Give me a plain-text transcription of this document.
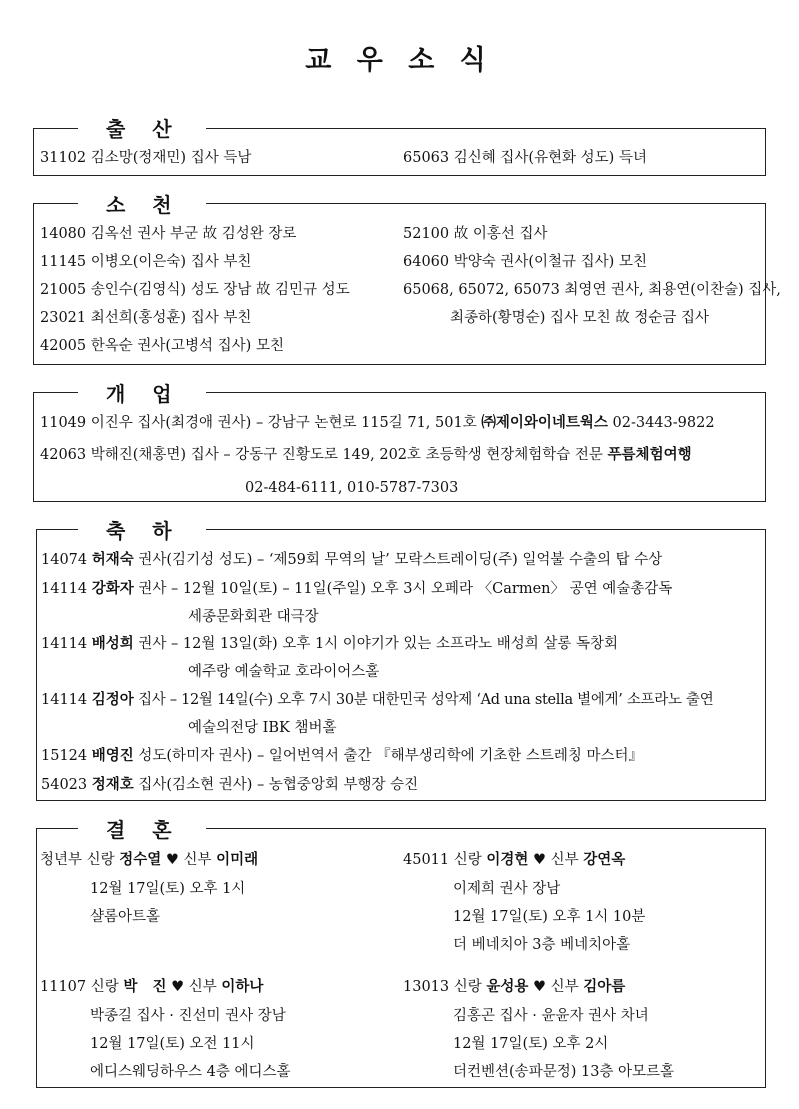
교 우 소 식
출 산
31102 김소망(정재민) 집사 득남	65063 김신혜 집사(유현화 성도) 득녀
소 천
14080 김옥선 권사 부군 故 김성완 장로
11145 이병오(이은숙) 집사 부친
21005 송인수(김영식) 성도 장남 故 김민규 성도
23021 최선희(홍성훈) 집사 부친
42005 한옥순 권사(고병석 집사) 모친
52100 故 이홍선 집사
64060 박양숙 권사(이철규 집사) 모친
65068, 65072, 65073 최영연 권사, 최용연(이찬술) 집사,
최종하(황명순) 집사 모친 故 정순금 집사
개 업
11049 이진우 집사(최경애 권사) – 강남구 논현로 115길 71, 501호 ㈜제이와이네트웍스 02-3443-9822
42063 박해진(채홍면) 집사 – 강동구 진황도로 149, 202호 초등학생 현장체험학습 전문 푸름체험여행
02-484-6111, 010-5787-7303
축 하
14074 허재숙 권사(김기성 성도) – ‘제59회 무역의 날’ 모락스트레이딩(주) 일억불 수출의 탑 수상
14114 강화자 권사 – 12월 10일(토) – 11일(주일) 오후 3시 오페라 〈Carmen〉 공연 예술총감독
세종문화회관 대극장
14114 배성희 권사 – 12월 13일(화) 오후 1시 이야기가 있는 소프라노 배성희 살롱 독창회
예주랑 예술학교 호라이어스홀
14114 김정아 집사 – 12월 14일(수) 오후 7시 30분 대한민국 성악제 ‘Ad una stella 별에게’ 소프라노 출연
예술의전당 IBK 챔버홀
15124 배영진 성도(하미자 권사) – 일어번역서 출간 『해부생리학에 기초한 스트레칭 마스터』
54023 정재호 집사(김소현 권사) – 농협중앙회 부행장 승진
결 혼
청년부 신랑 정수열 ♥ 신부 이미래
12월 17일(토) 오후 1시
샬롬아트홀
45011 신랑 이경현 ♥ 신부 강연옥
이제희 권사 장남
12월 17일(토) 오후 1시 10분
더 베네치아 3층 베네치아홀
11107 신랑 박   진 ♥ 신부 이하나
박종길 집사 · 진선미 권사 장남
12월 17일(토) 오전 11시
에디스웨딩하우스 4층 에디스홀
13013 신랑 윤성용 ♥ 신부 김아름
김홍곤 집사 · 윤윤자 권사 차녀
12월 17일(토) 오후 2시
더컨벤션(송파문정) 13층 아모르홀
